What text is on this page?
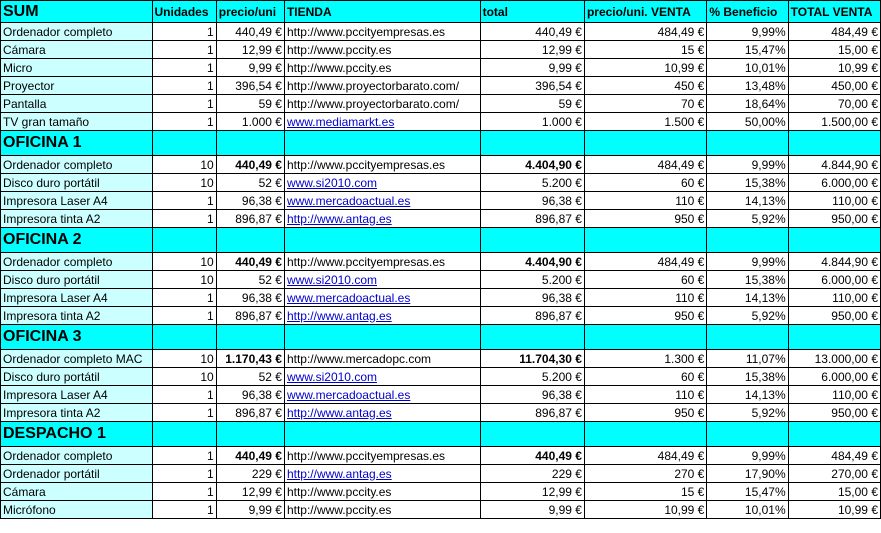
SUM	Unidades	precio/uni	TIENDA	total	precio/uni. VENTA	% Beneficio	TOTAL VENTA
Ordenador completo	1	440,49 €	http://www.pccityempresas.es	440,49 €	484,49 €	9,99%	484,49 €
Cámara	1	12,99 €	http://www.pccity.es	12,99 €	15 €	15,47%	15,00 €
Micro	1	9,99 €	http://www.pccity.es	9,99 €	10,99 €	10,01%	10,99 €
Proyector	1	396,54 €	http://www.proyectorbarato.com/	396,54 €	450 €	13,48%	450,00 €
Pantalla	1	59 €	http://www.proyectorbarato.com/	59 €	70 €	18,64%	70,00 €
TV gran tamaño	1	1.000 €	www.mediamarkt.es	1.000 €	1.500 €	50,00%	1.500,00 €
OFICINA 1							
Ordenador completo	10	440,49 €	http://www.pccityempresas.es	4.404,90 €	484,49 €	9,99%	4.844,90 €
Disco duro portátil	10	52 €	www.si2010.com	5.200 €	60 €	15,38%	6.000,00 €
Impresora Laser A4	1	96,38 €	www.mercadoactual.es	96,38 €	110 €	14,13%	110,00 €
Impresora tinta A2	1	896,87 €	http://www.antag.es	896,87 €	950 €	5,92%	950,00 €
OFICINA 2							
Ordenador completo	10	440,49 €	http://www.pccityempresas.es	4.404,90 €	484,49 €	9,99%	4.844,90 €
Disco duro portátil	10	52 €	www.si2010.com	5.200 €	60 €	15,38%	6.000,00 €
Impresora Laser A4	1	96,38 €	www.mercadoactual.es	96,38 €	110 €	14,13%	110,00 €
Impresora tinta A2	1	896,87 €	http://www.antag.es	896,87 €	950 €	5,92%	950,00 €
OFICINA 3							
Ordenador completo MAC	10	1.170,43 €	http://www.mercadopc.com	11.704,30 €	1.300 €	11,07%	13.000,00 €
Disco duro portátil	10	52 €	www.si2010.com	5.200 €	60 €	15,38%	6.000,00 €
Impresora Laser A4	1	96,38 €	www.mercadoactual.es	96,38 €	110 €	14,13%	110,00 €
Impresora tinta A2	1	896,87 €	http://www.antag.es	896,87 €	950 €	5,92%	950,00 €
DESPACHO 1							
Ordenador completo	1	440,49 €	http://www.pccityempresas.es	440,49 €	484,49 €	9,99%	484,49 €
Ordenador portátil	1	229 €	http://www.antag.es	229 €	270 €	17,90%	270,00 €
Cámara	1	12,99 €	http://www.pccity.es	12,99 €	15 €	15,47%	15,00 €
Micrófono	1	9,99 €	http://www.pccity.es	9,99 €	10,99 €	10,01%	10,99 €
